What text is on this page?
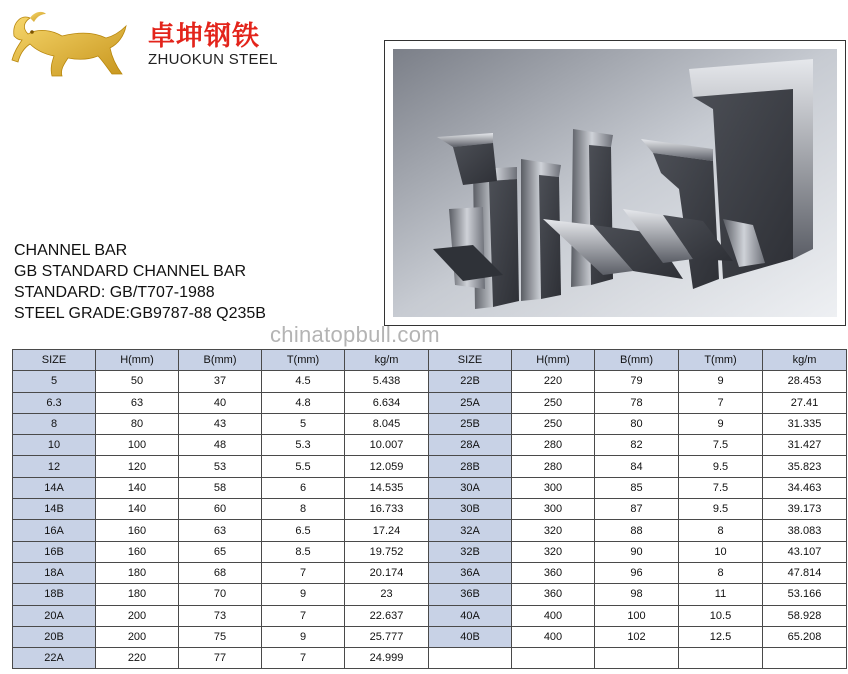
卓坤钢铁
ZHUOKUN STEEL
CHANNEL BAR
GB STANDARD CHANNEL BAR
STANDARD: GB/T707-1988
STEEL GRADE:GB9787-88 Q235B
chinatopbull.com
SIZE	H(mm)	B(mm)	T(mm)	kg/m	SIZE	H(mm)	B(mm)	T(mm)	kg/m
5	50	37	4.5	5.438	22B	220	79	9	28.453
6.3	63	40	4.8	6.634	25A	250	78	7	27.41
8	80	43	5	8.045	25B	250	80	9	31.335
10	100	48	5.3	10.007	28A	280	82	7.5	31.427
12	120	53	5.5	12.059	28B	280	84	9.5	35.823
14A	140	58	6	14.535	30A	300	85	7.5	34.463
14B	140	60	8	16.733	30B	300	87	9.5	39.173
16A	160	63	6.5	17.24	32A	320	88	8	38.083
16B	160	65	8.5	19.752	32B	320	90	10	43.107
18A	180	68	7	20.174	36A	360	96	8	47.814
18B	180	70	9	23	36B	360	98	11	53.166
20A	200	73	7	22.637	40A	400	100	10.5	58.928
20B	200	75	9	25.777	40B	400	102	12.5	65.208
22A	220	77	7	24.999					
